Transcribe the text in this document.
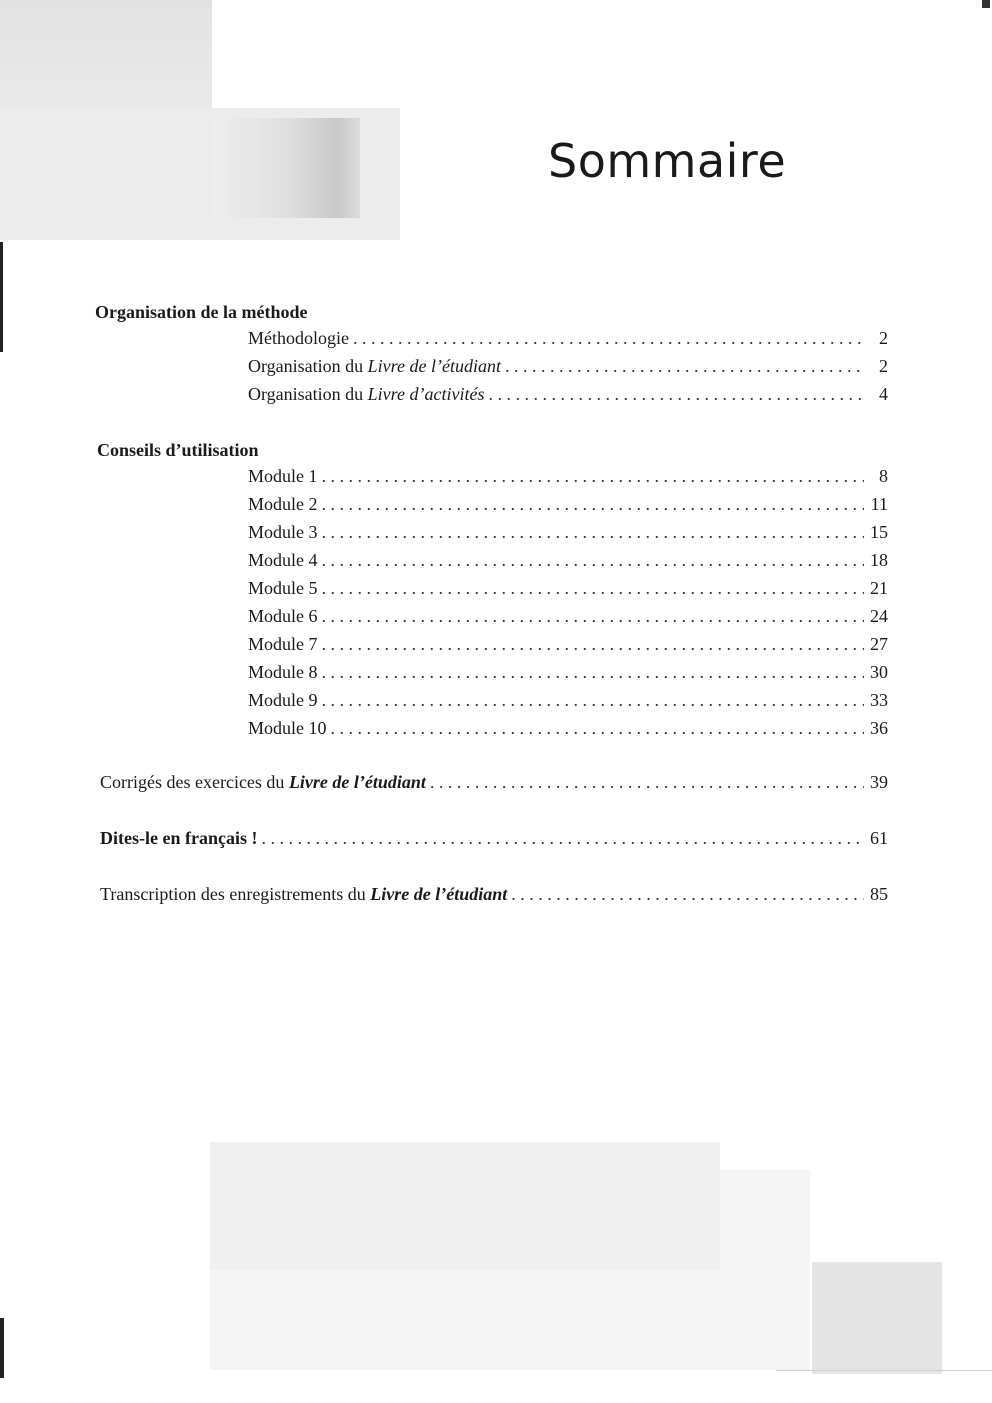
Sommaire
Organisation de la méthode
Méthodologie . . .	2
Organisation du Livre de l’étudiant . . .	2
Organisation du Livre d’activités . . .	4
Conseils d’utilisation
Module 1 . . .	8
Module 2 . . .	11
Module 3 . . .	15
Module 4 . . .	18
Module 5 . . .	21
Module 6 . . .	24
Module 7 . . .	27
Module 8 . . .	30
Module 9 . . .	33
Module 10 . . .	36
Corrigés des exercices du Livre de l’étudiant . . .	39
Dites-le en français ! . . .	61
Transcription des enregistrements du Livre de l’étudiant . . .	85
